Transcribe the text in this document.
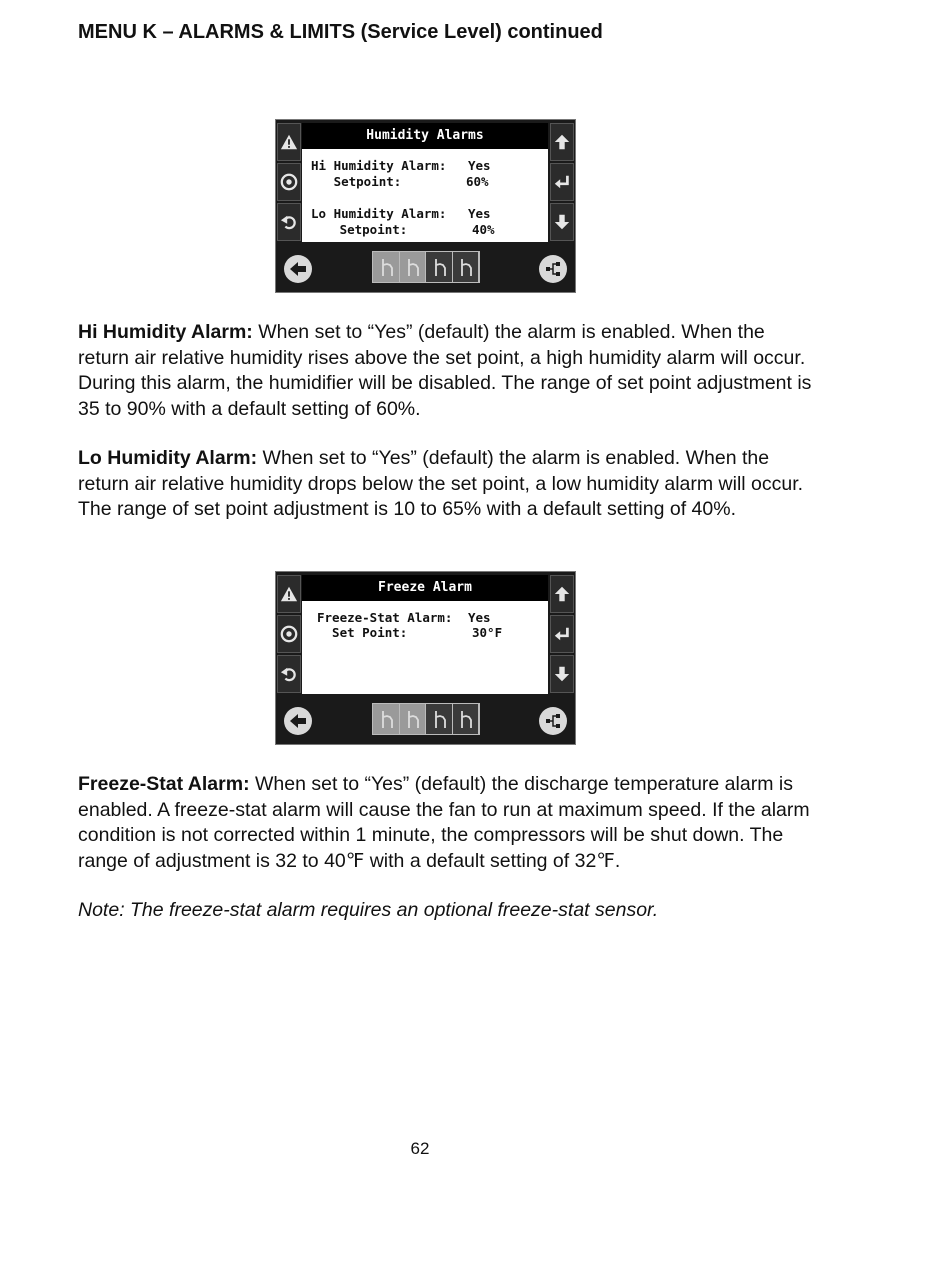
MENU K – ALARMS & LIMITS (Service Level) continued
Humidity Alarms
Hi Humidity Alarm: Yes
Setpoint:	60%
Lo Humidity Alarm: Yes
Setpoint:	40%

Hi Humidity Alarm: When set to “Yes” (default) the alarm is enabled. When the return air relative humidity rises above the set point, a high humidity alarm will occur. During this alarm, the humidifier will be disabled. The range of set point adjustment is 35 to 90% with a default setting of 60%.

Lo Humidity Alarm: When set to “Yes” (default) the alarm is enabled. When the return air relative humidity drops below the set point, a low humidity alarm will occur. The range of set point adjustment is 10 to 65% with a default setting of 40%.

Freeze Alarm
Freeze-Stat Alarm: Yes
Set Point:	30°F

Freeze-Stat Alarm: When set to “Yes” (default) the discharge temperature alarm is enabled. A freeze-stat alarm will cause the fan to run at maximum speed. If the alarm condition is not corrected within 1 minute, the compressors will be shut down. The range of adjustment is 32 to 40℉ with a default setting of 32℉.

Note: The freeze-stat alarm requires an optional freeze-stat sensor.

62
